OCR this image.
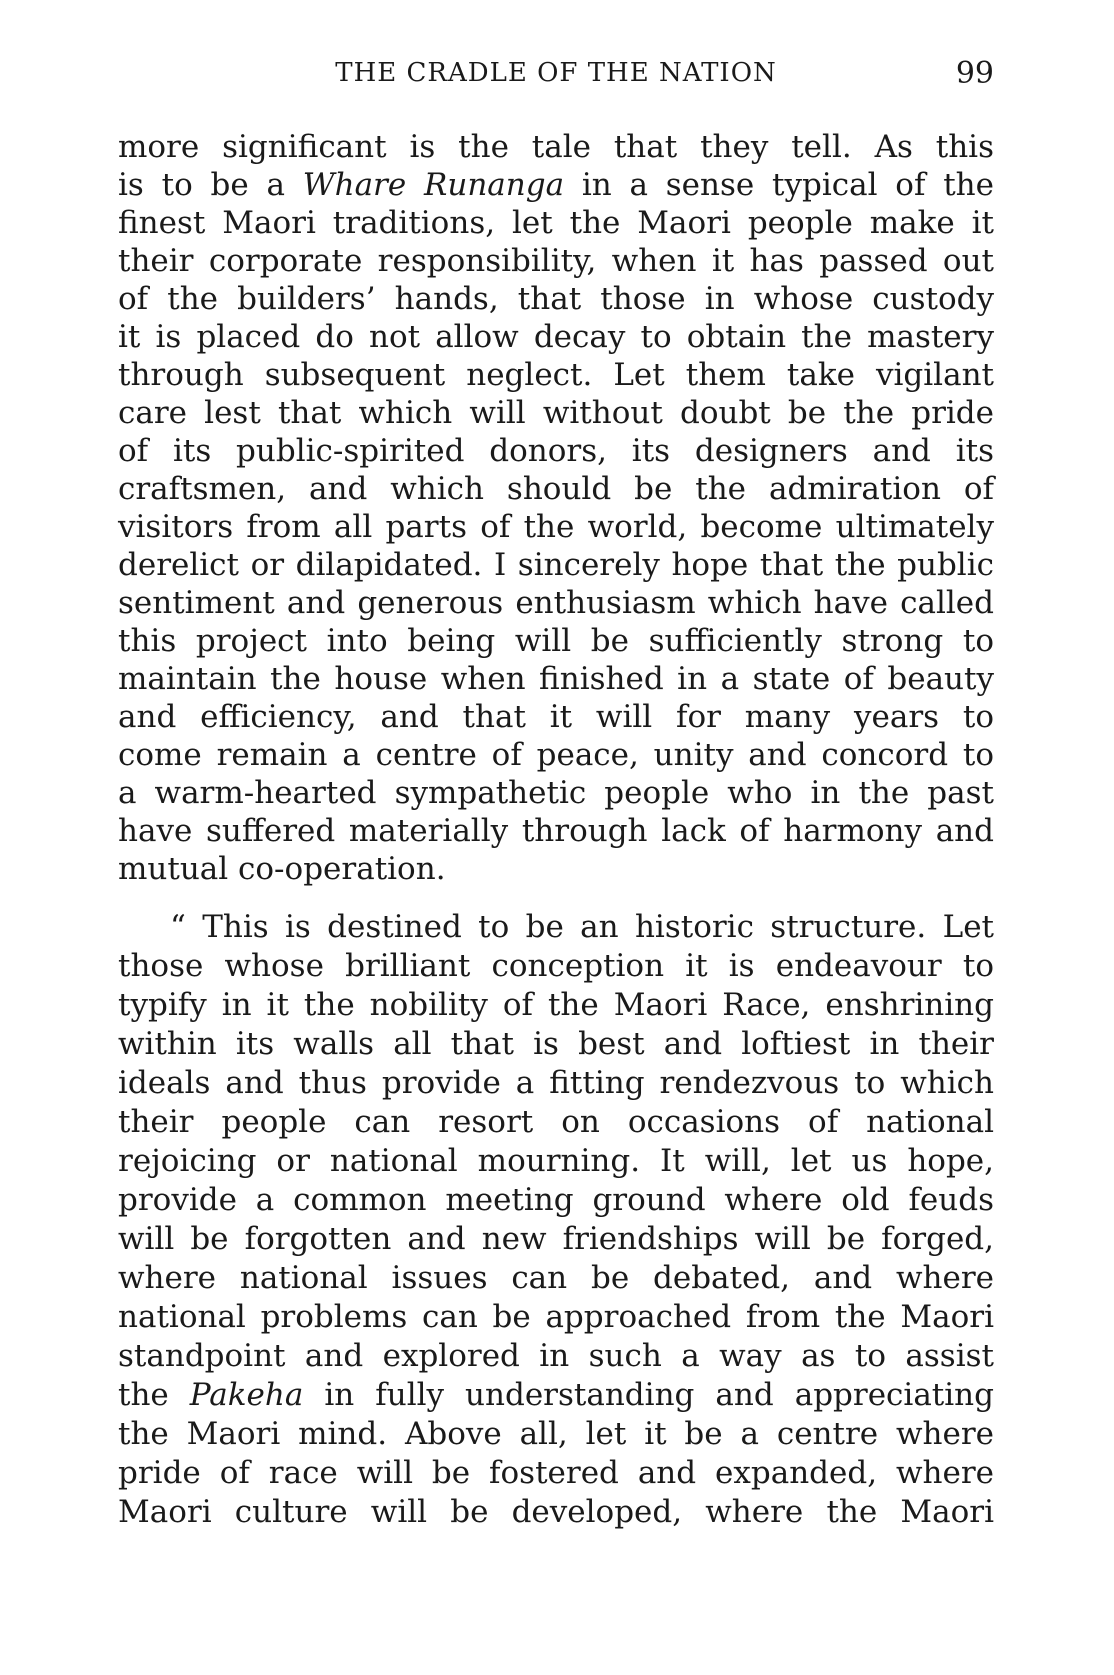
THE CRADLE OF THE NATION	99
more significant is the tale that they tell. As this
is to be a Whare Runanga in a sense typical of the
finest Maori traditions, let the Maori people make it
their corporate responsibility, when it has passed out
of the builders’ hands, that those in whose custody
it is placed do not allow decay to obtain the mastery
through subsequent neglect. Let them take vigilant
care lest that which will without doubt be the pride
of its public-spirited donors, its designers and its
craftsmen, and which should be the admiration of
visitors from all parts of the world, become ultimately
derelict or dilapidated. I sincerely hope that the public
sentiment and generous enthusiasm which have called
this project into being will be sufficiently strong to
maintain the house when finished in a state of beauty
and efficiency, and that it will for many years to
come remain a centre of peace, unity and concord to
a warm-hearted sympathetic people who in the past
have suffered materially through lack of harmony and
mutual co-operation.
“ This is destined to be an historic structure. Let
those whose brilliant conception it is endeavour to
typify in it the nobility of the Maori Race, enshrining
within its walls all that is best and loftiest in their
ideals and thus provide a fitting rendezvous to which
their people can resort on occasions of national
rejoicing or national mourning. It will, let us hope,
provide a common meeting ground where old feuds
will be forgotten and new friendships will be forged,
where national issues can be debated, and where
national problems can be approached from the Maori
standpoint and explored in such a way as to assist
the Pakeha in fully understanding and appreciating
the Maori mind. Above all, let it be a centre where
pride of race will be fostered and expanded, where
Maori culture will be developed, where the Maori
